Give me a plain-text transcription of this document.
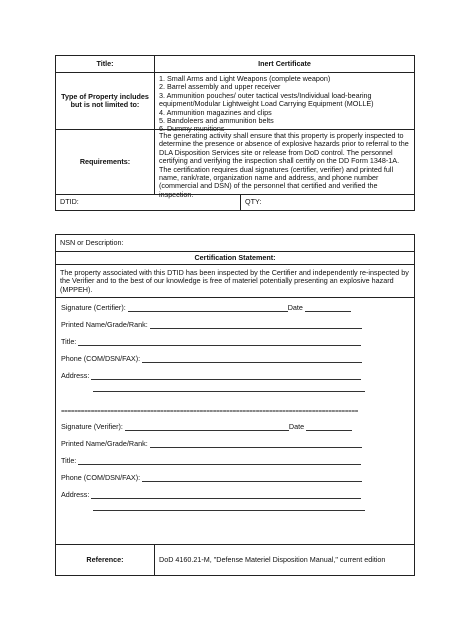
Title:	Inert Certificate
Type of Property includes but is not limited to:
1. Small Arms and Light Weapons (complete weapon)
2. Barrel assembly and upper receiver
3. Ammunition pouches/ outer tactical vests/Individual load-bearing equipment/Modular Lightweight Load Carrying Equipment (MOLLE)
4. Ammunition magazines and clips
5. Bandoleers and ammunition belts
6. Dummy munitions
Requirements:
The generating activity shall ensure that this property is properly inspected to determine the presence or absence of explosive hazards prior to referral to the DLA Disposition Services site or release from DoD control. The personnel certifying and verifying the inspection shall certify on the DD Form 1348-1A. The certification requires dual signatures (certifier, verifier) and printed full name, rank/rate, organization name and address, and phone number (commercial and DSN) of the personnel that certified and verified the inspection.
DTID:	QTY:
NSN or Description:
Certification Statement:
The property associated with this DTID has been inspected by the Certifier and independently re-inspected by the Verifier and to the best of our knowledge is free of materiel potentially presenting an explosive hazard (MPPEH).
Signature (Certifier):	Date
Printed Name/Grade/Rank:
Title:
Phone (COM/DSN/FAX):
Address:
==========================================================================================
Signature (Verifier):	Date
Printed Name/Grade/Rank:
Title:
Phone (COM/DSN/FAX):
Address:
Reference:	DoD 4160.21-M, "Defense Materiel Disposition Manual," current edition
